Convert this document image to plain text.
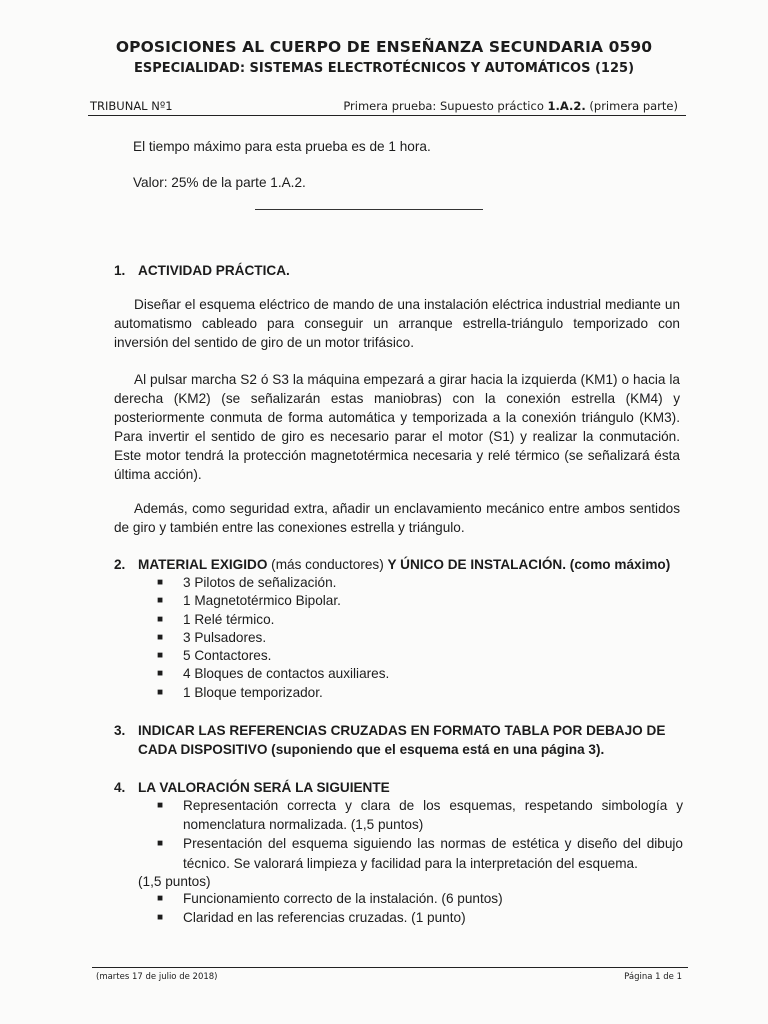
OPOSICIONES AL CUERPO DE ENSEÑANZA SECUNDARIA 0590
ESPECIALIDAD: SISTEMAS ELECTROTÉCNICOS Y AUTOMÁTICOS (125)
TRIBUNAL Nº1	Primera prueba: Supuesto práctico 1.A.2. (primera parte)
El tiempo máximo para esta prueba es de 1 hora.
Valor: 25% de la parte 1.A.2.
1. ACTIVIDAD PRÁCTICA.
Diseñar el esquema eléctrico de mando de una instalación eléctrica industrial mediante un automatismo cableado para conseguir un arranque estrella-triángulo temporizado con inversión del sentido de giro de un motor trifásico.
Al pulsar marcha S2 ó S3 la máquina empezará a girar hacia la izquierda (KM1) o hacia la derecha (KM2) (se señalizarán estas maniobras) con la conexión estrella (KM4) y posteriormente conmuta de forma automática y temporizada a la conexión triángulo (KM3). Para invertir el sentido de giro es necesario parar el motor (S1) y realizar la conmutación. Este motor tendrá la protección magnetotérmica necesaria y relé térmico (se señalizará ésta última acción).
Además, como seguridad extra, añadir un enclavamiento mecánico entre ambos sentidos de giro y también entre las conexiones estrella y triángulo.
2. MATERIAL EXIGIDO (más conductores) Y ÚNICO DE INSTALACIÓN. (como máximo)
■ 3 Pilotos de señalización.
■ 1 Magnetotérmico Bipolar.
■ 1 Relé térmico.
■ 3 Pulsadores.
■ 5 Contactores.
■ 4 Bloques de contactos auxiliares.
■ 1 Bloque temporizador.
3. INDICAR LAS REFERENCIAS CRUZADAS EN FORMATO TABLA POR DEBAJO DE
CADA DISPOSITIVO (suponiendo que el esquema está en una página 3).
4. LA VALORACIÓN SERÁ LA SIGUIENTE
■ Representación correcta y clara de los esquemas, respetando simbología y nomenclatura normalizada. (1,5 puntos)
■ Presentación del esquema siguiendo las normas de estética y diseño del dibujo técnico. Se valorará limpieza y facilidad para la interpretación del esquema.
(1,5 puntos)
■ Funcionamiento correcto de la instalación. (6 puntos)
■ Claridad en las referencias cruzadas. (1 punto)
(martes 17 de julio de 2018)	Página 1 de 1
